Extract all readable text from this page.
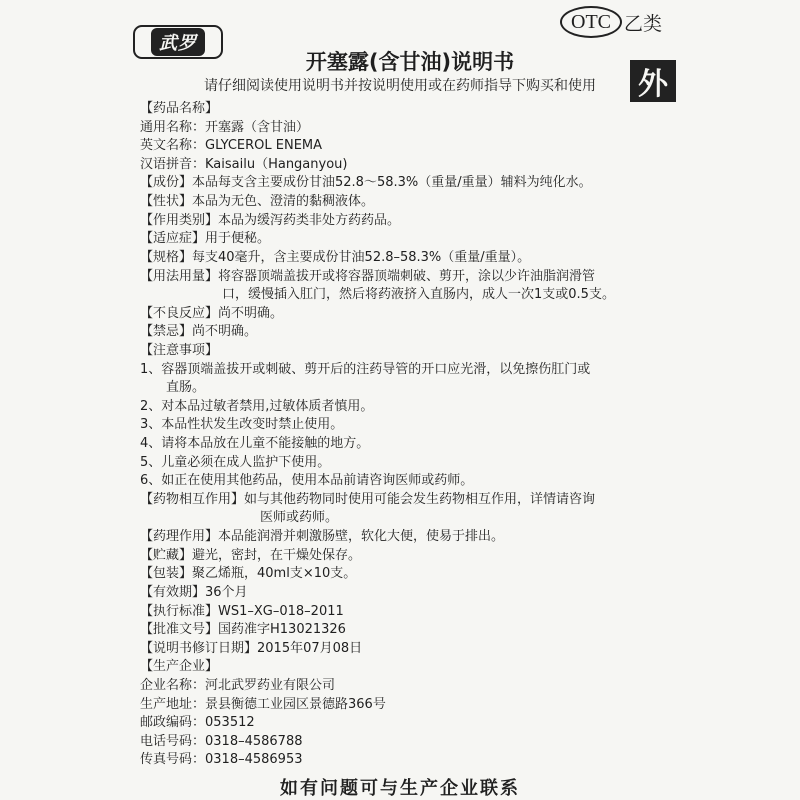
武罗
OTC 乙类
外
开塞露(含甘油)说明书
请仔细阅读使用说明书并按说明使用或在药师指导下购买和使用
【药品名称】
通用名称：开塞露（含甘油）
英文名称：GLYCEROL ENEMA
汉语拼音：Kaisailu（Hanganyou)
【成份】本品每支含主要成份甘油52.8～58.3%（重量/重量）辅料为纯化水。
【性状】本品为无色、澄清的黏稠液体。
【作用类别】本品为缓泻药类非处方药药品。
【适应症】用于便秘。
【规格】每支40毫升，含主要成份甘油52.8–58.3%（重量/重量）。
【用法用量】将容器顶端盖拔开或将容器顶端刺破、剪开，涂以少许油脂润滑管
口，缓慢插入肛门，然后将药液挤入直肠内，成人一次1支或0.5支。
【不良反应】尚不明确。
【禁忌】尚不明确。
【注意事项】
1、容器顶端盖拔开或刺破、剪开后的注药导管的开口应光滑，以免擦伤肛门或
直肠。
2、对本品过敏者禁用,过敏体质者慎用。
3、本品性状发生改变时禁止使用。
4、请将本品放在儿童不能接触的地方。
5、儿童必须在成人监护下使用。
6、如正在使用其他药品，使用本品前请咨询医师或药师。
【药物相互作用】如与其他药物同时使用可能会发生药物相互作用，详情请咨询
医师或药师。
【药理作用】本品能润滑并刺激肠壁，软化大便，使易于排出。
【贮藏】避光，密封，在干燥处保存。
【包装】聚乙烯瓶，40ml支×10支。
【有效期】36个月
【执行标准】WS1–XG–018–2011
【批准文号】国药准字H13021326
【说明书修订日期】2015年07月08日
【生产企业】
企业名称：河北武罗药业有限公司
生产地址：景县衡德工业园区景德路366号
邮政编码：053512
电话号码：0318–4586788
传真号码：0318–4586953
如有问题可与生产企业联系
